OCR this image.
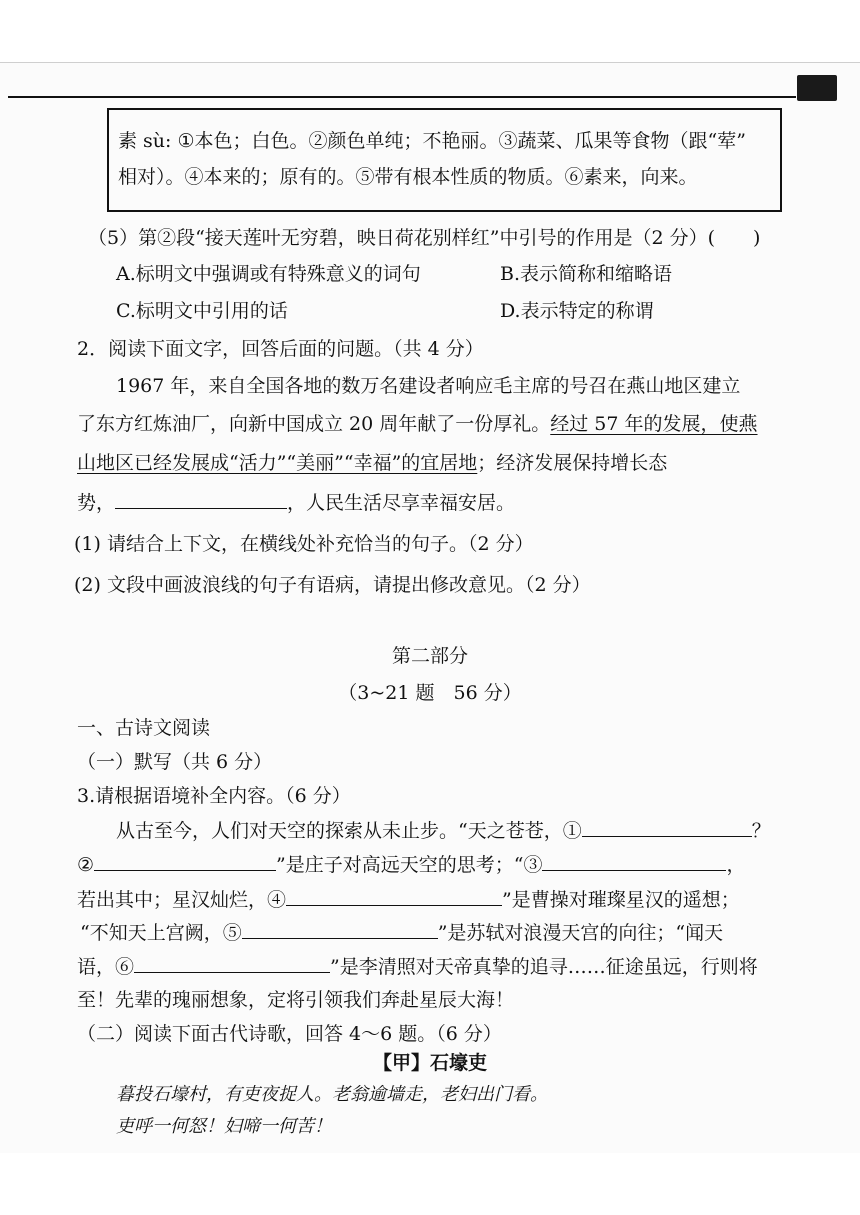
素 sù: ①本色；白色。②颜色单纯；不艳丽。③蔬菜、瓜果等食物（跟“荤”
相对）。④本来的；原有的。⑤带有根本性质的物质。⑥素来，向来。
（5）第②段“接天莲叶无穷碧，映日荷花别样红”中引号的作用是（2 分）(　　)
A.标明文中强调或有特殊意义的词句	B.表示简称和缩略语
C.标明文中引用的话	D.表示特定的称谓
2．阅读下面文字，回答后面的问题。（共 4 分）
1967 年，来自全国各地的数万名建设者响应毛主席的号召在燕山地区建立
了东方红炼油厂，向新中国成立 20 周年献了一份厚礼。经过 57 年的发展，使燕
山地区已经发展成“活力”“美丽”“幸福”的宜居地；经济发展保持增长态
势，	，人民生活尽享幸福安居。
(1) 请结合上下文，在横线处补充恰当的句子。（2 分）
(2) 文段中画波浪线的句子有语病，请提出修改意见。（2 分）
第二部分
（3~21 题　56 分）
一、古诗文阅读
（一）默写（共 6 分）
3.请根据语境补全内容。（6 分）
从古至今，人们对天空的探索从未止步。“天之苍苍，①	？
②	”是庄子对高远天空的思考；“③	，
若出其中；星汉灿烂，④	”是曹操对璀璨星汉的遥想；
“不知天上宫阙，⑤	”是苏轼对浪漫天宫的向往；“闻天
语，⑥	”是李清照对天帝真挚的追寻……征途虽远，行则将
至！先辈的瑰丽想象，定将引领我们奔赴星辰大海！
（二）阅读下面古代诗歌，回答 4～6 题。（6 分）
【甲】石壕吏
暮投石壕村，有吏夜捉人。老翁逾墙走，老妇出门看。
吏呼一何怒！妇啼一何苦！
